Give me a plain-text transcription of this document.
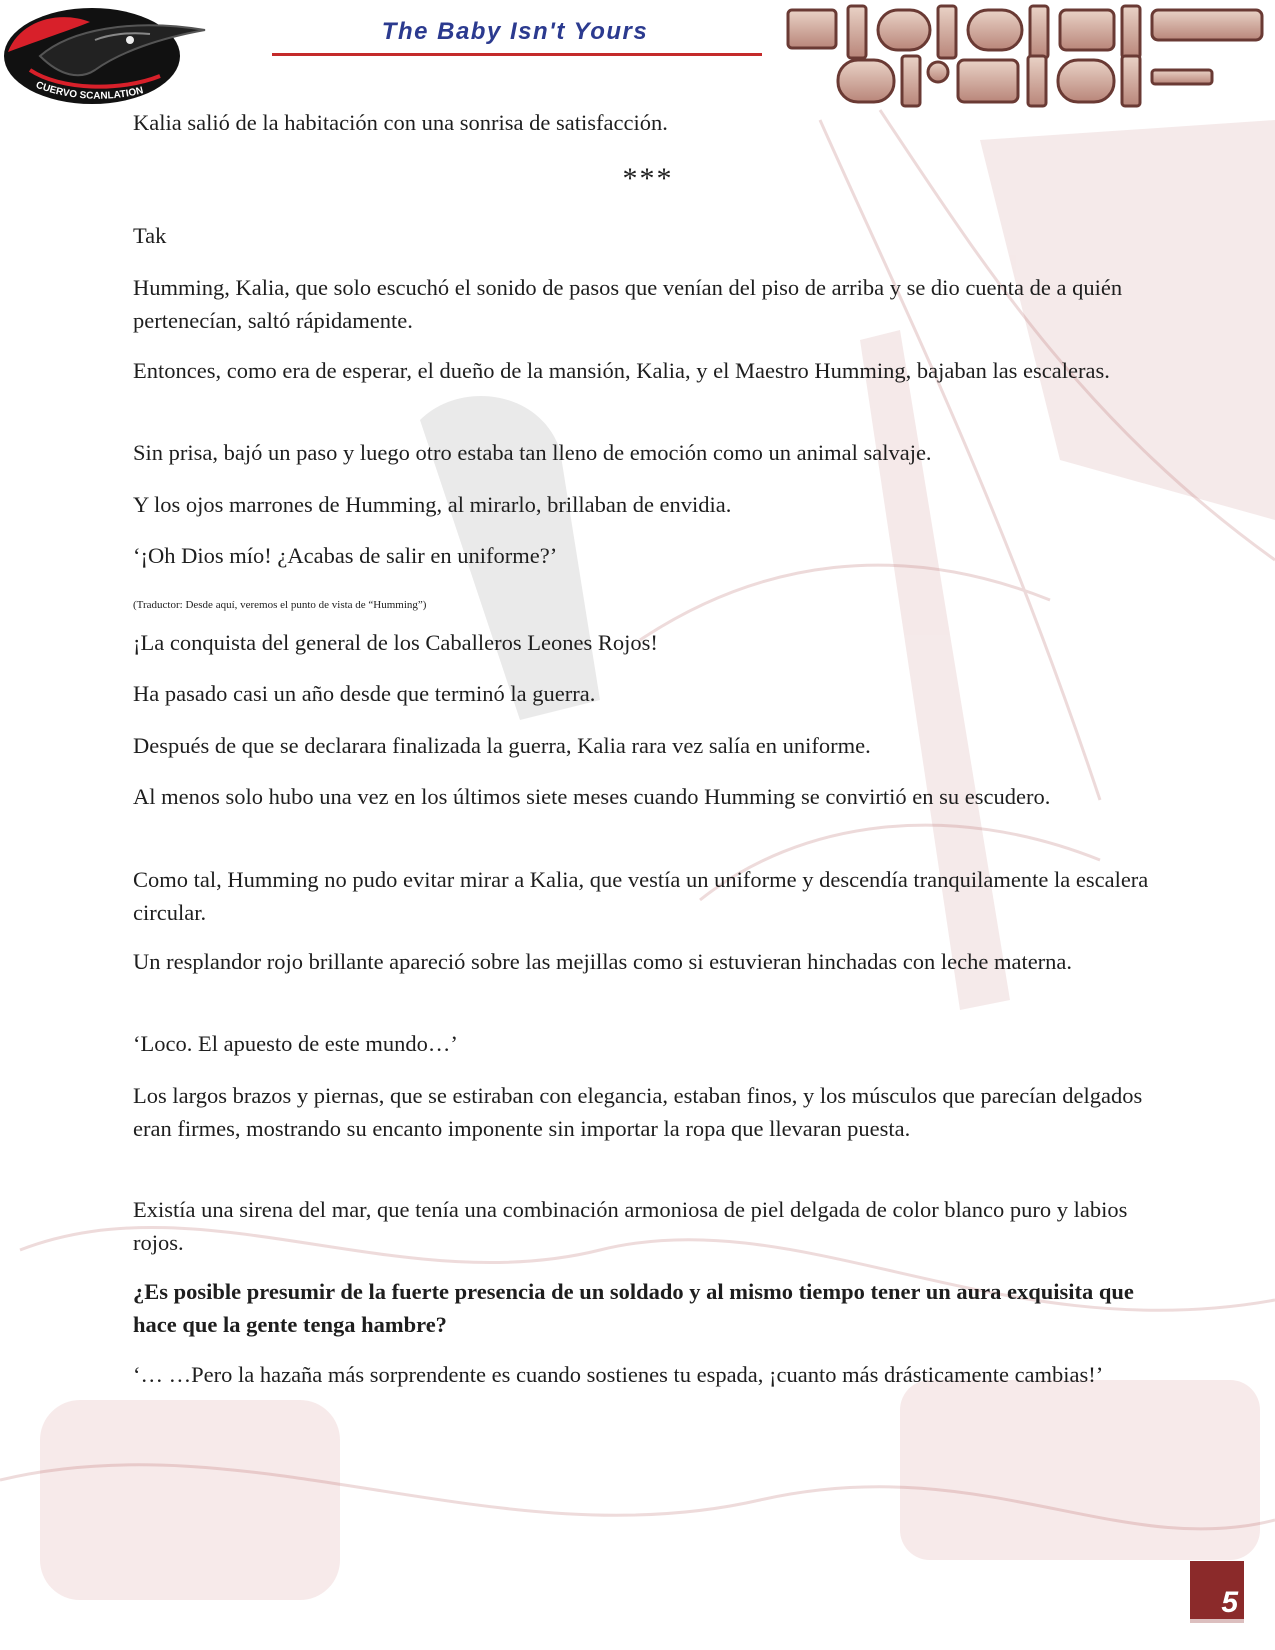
CUERVO SCANLATION
The Baby Isn't Yours

Kalia salió de la habitación con una sonrisa de satisfacción.

***

Tak

Humming, Kalia, que solo escuchó el sonido de pasos que venían del piso de arriba y se dio cuenta de a quién pertenecían, saltó rápidamente.

Entonces, como era de esperar, el dueño de la mansión, Kalia, y el Maestro Humming, bajaban las escaleras.

Sin prisa, bajó un paso y luego otro estaba tan lleno de emoción como un animal salvaje.

Y los ojos marrones de Humming, al mirarlo, brillaban de envidia.

‘¡Oh Dios mío! ¿Acabas de salir en uniforme?’

(Traductor: Desde aquí, veremos el punto de vista de “Humming”)

¡La conquista del general de los Caballeros Leones Rojos!

Ha pasado casi un año desde que terminó la guerra.

Después de que se declarara finalizada la guerra, Kalia rara vez salía en uniforme.

Al menos solo hubo una vez en los últimos siete meses cuando Humming se convirtió en su escudero.

Como tal, Humming no pudo evitar mirar a Kalia, que vestía un uniforme y descendía tranquilamente la escalera circular.

Un resplandor rojo brillante apareció sobre las mejillas como si estuvieran hinchadas con leche materna.

‘Loco. El apuesto de este mundo…’

Los largos brazos y piernas, que se estiraban con elegancia, estaban finos, y los músculos que parecían delgados eran firmes, mostrando su encanto imponente sin importar la ropa que llevaran puesta.

Existía una sirena del mar, que tenía una combinación armoniosa de piel delgada de color blanco puro y labios rojos.

¿Es posible presumir de la fuerte presencia de un soldado y al mismo tiempo tener un aura exquisita que hace que la gente tenga hambre?

‘… …Pero la hazaña más sorprendente es cuando sostienes tu espada, ¡cuanto más drásticamente cambias!’

5
